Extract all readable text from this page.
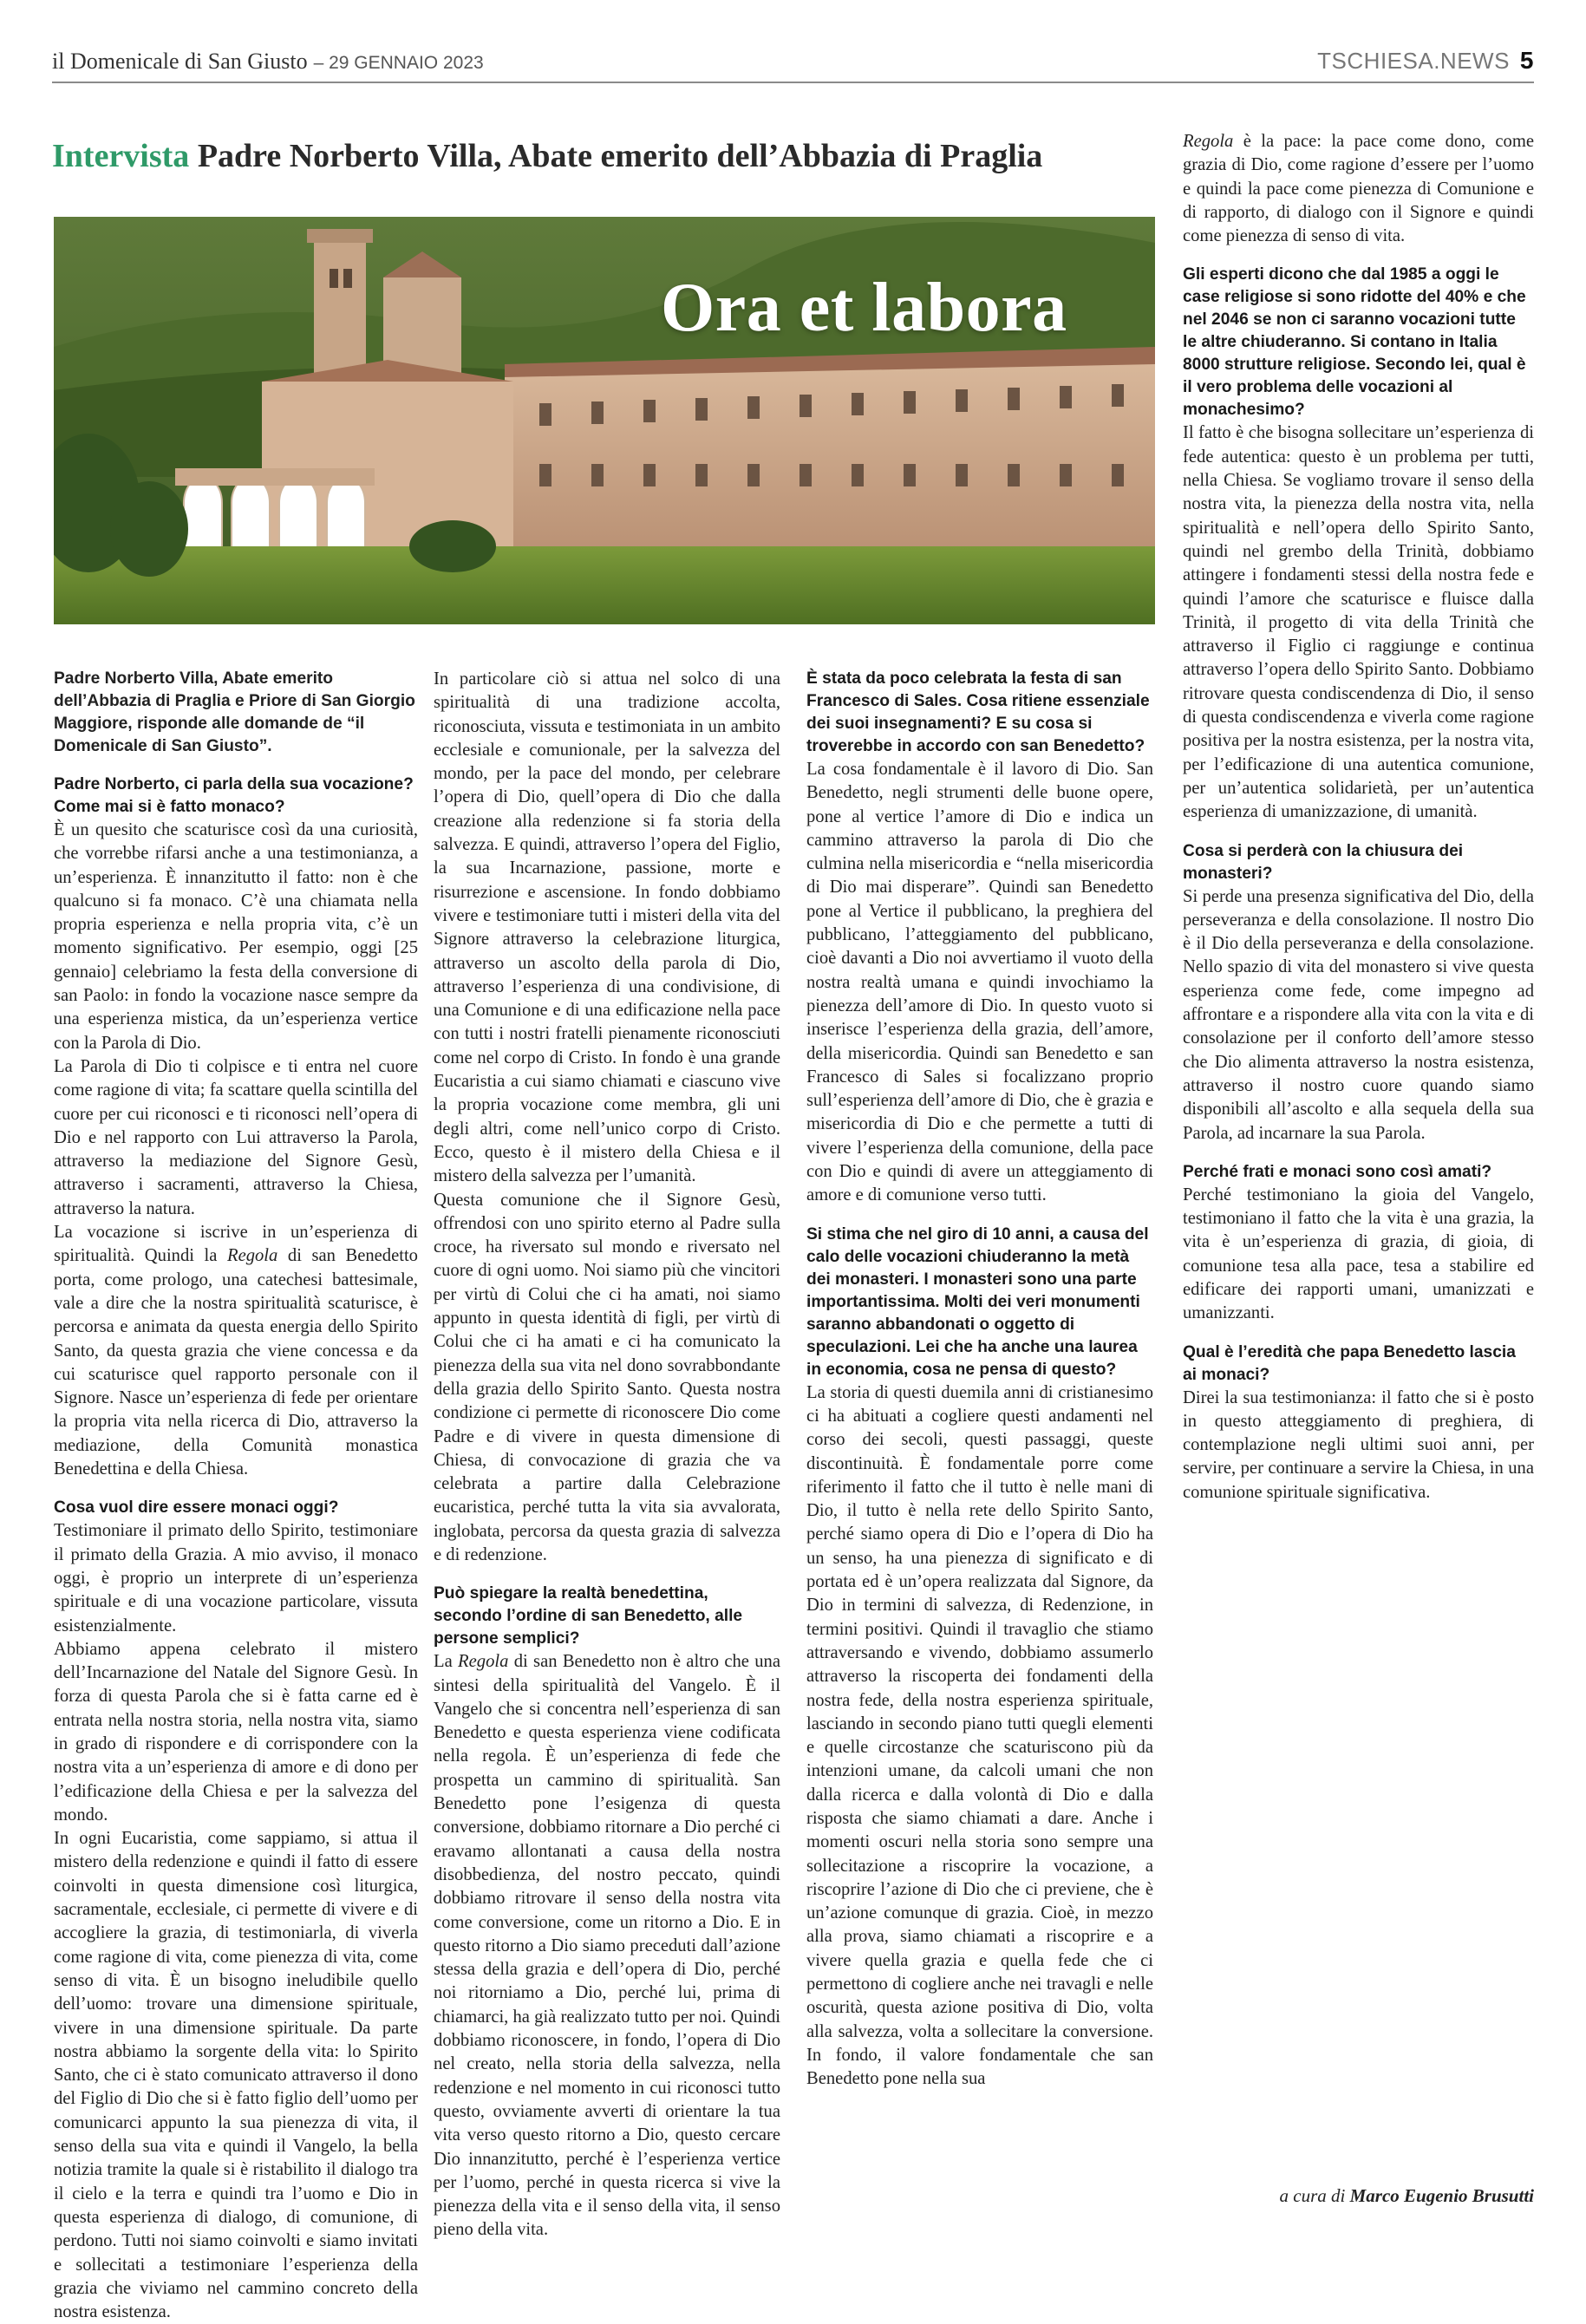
il Domenicale di San Giusto – 29 GENNAIO 2023	TSCHIESA.NEWS 5
Intervista Padre Norberto Villa, Abate emerito dell’Abbazia di Praglia
Ora et labora

Padre Norberto Villa, Abate emerito dell’Abbazia di Praglia e Priore di San Giorgio Maggiore, risponde alle domande de “il Domenicale di San Giusto”.

Padre Norberto, ci parla della sua vocazione? Come mai si è fatto monaco?

È un quesito che scaturisce così da una curiosità, che vorrebbe rifarsi anche a una testimonianza, a un’esperienza. È innanzitutto il fatto: non è che qualcuno si fa monaco. C’è una chiamata nella propria esperienza e nella propria vita, c’è un momento significativo. Per esempio, oggi [25 gennaio] celebriamo la festa della conversione di san Paolo: in fondo la vocazione nasce sempre da una esperienza mistica, da un’esperienza vertice con la Parola di Dio.

La Parola di Dio ti colpisce e ti entra nel cuore come ragione di vita; fa scattare quella scintilla del cuore per cui riconosci e ti riconosci nell’opera di Dio e nel rapporto con Lui attraverso la Parola, attraverso la mediazione del Signore Gesù, attraverso i sacramenti, attraverso la Chiesa, attraverso la natura.

La vocazione si iscrive in un’esperienza di spiritualità. Quindi la Regola di san Benedetto porta, come prologo, una catechesi battesimale, vale a dire che la nostra spiritualità scaturisce, è percorsa e animata da questa energia dello Spirito Santo, da questa grazia che viene concessa e da cui scaturisce quel rapporto personale con il Signore. Nasce un’esperienza di fede per orientare la propria vita nella ricerca di Dio, attraverso la mediazione, della Comunità monastica Benedettina e della Chiesa.

Cosa vuol dire essere monaci oggi?

Testimoniare il primato dello Spirito, testimoniare il primato della Grazia. A mio avviso, il monaco oggi, è proprio un interprete di un’esperienza spirituale e di una vocazione particolare, vissuta esistenzialmente.

Abbiamo appena celebrato il mistero dell’Incarnazione del Natale del Signore Gesù. In forza di questa Parola che si è fatta carne ed è entrata nella nostra storia, nella nostra vita, siamo in grado di rispondere e di corrispondere con la nostra vita a un’esperienza di amore e di dono per l’edificazione della Chiesa e per la salvezza del mondo.

In ogni Eucaristia, come sappiamo, si attua il mistero della redenzione e quindi il fatto di essere coinvolti in questa dimensione così liturgica, sacramentale, ecclesiale, ci permette di vivere e di accogliere la grazia, di testimoniarla, di viverla come ragione di vita, come pienezza di vita, come senso di vita. È un bisogno ineludibile quello dell’uomo: trovare una dimensione spirituale, vivere in una dimensione spirituale. Da parte nostra abbiamo la sorgente della vita: lo Spirito Santo, che ci è stato comunicato attraverso il dono del Figlio di Dio che si è fatto figlio dell’uomo per comunicarci appunto la sua pienezza di vita, il senso della sua vita e quindi il Vangelo, la bella notizia tramite la quale si è ristabilito il dialogo tra il cielo e la terra e quindi tra l’uomo e Dio in questa esperienza di dialogo, di comunione, di perdono. Tutti noi siamo coinvolti e siamo invitati e sollecitati a testimoniare l’esperienza della grazia che viviamo nel cammino concreto della nostra esistenza.

In particolare ciò si attua nel solco di una spiritualità di una tradizione accolta, riconosciuta, vissuta e testimoniata in un ambito ecclesiale e comunionale, per la salvezza del mondo, per la pace del mondo, per celebrare l’opera di Dio, quell’opera di Dio che dalla creazione alla redenzione si fa storia della salvezza. E quindi, attraverso l’opera del Figlio, la sua Incarnazione, passione, morte e risurrezione e ascensione. In fondo dobbiamo vivere e testimoniare tutti i misteri della vita del Signore attraverso la celebrazione liturgica, attraverso un ascolto della parola di Dio, attraverso l’esperienza di una condivisione, di una Comunione e di una edificazione nella pace con tutti i nostri fratelli pienamente riconosciuti come nel corpo di Cristo. In fondo è una grande Eucaristia a cui siamo chiamati e ciascuno vive la propria vocazione come membra, gli uni degli altri, come nell’unico corpo di Cristo. Ecco, questo è il mistero della Chiesa e il mistero della salvezza per l’umanità.

Questa comunione che il Signore Gesù, offrendosi con uno spirito eterno al Padre sulla croce, ha riversato sul mondo e riversato nel cuore di ogni uomo. Noi siamo più che vincitori per virtù di Colui che ci ha amati, noi siamo appunto in questa identità di figli, per virtù di Colui che ci ha amati e ci ha comunicato la pienezza della sua vita nel dono sovrabbondante della grazia dello Spirito Santo. Questa nostra condizione ci permette di riconoscere Dio come Padre e di vivere in questa dimensione di Chiesa, di convocazione di grazia che va celebrata a partire dalla Celebrazione eucaristica, perché tutta la vita sia avvalorata, inglobata, percorsa da questa grazia di salvezza e di redenzione.

Può spiegare la realtà benedettina, secondo l’ordine di san Benedetto, alle persone semplici?

La Regola di san Benedetto non è altro che una sintesi della spiritualità del Vangelo. È il Vangelo che si concentra nell’esperienza di san Benedetto e questa esperienza viene codificata nella regola. È un’esperienza di fede che prospetta un cammino di spiritualità. San Benedetto pone l’esigenza di questa conversione, dobbiamo ritornare a Dio perché ci eravamo allontanati a causa della nostra disobbedienza, del nostro peccato, quindi dobbiamo ritrovare il senso della nostra vita come conversione, come un ritorno a Dio. E in questo ritorno a Dio siamo preceduti dall’azione stessa della grazia e dell’opera di Dio, perché noi ritorniamo a Dio, perché lui, prima di chiamarci, ha già realizzato tutto per noi. Quindi dobbiamo riconoscere, in fondo, l’opera di Dio nel creato, nella storia della salvezza, nella redenzione e nel momento in cui riconosci tutto questo, ovviamente avverti di orientare la tua vita verso questo ritorno a Dio, questo cercare Dio innanzitutto, perché è l’esperienza vertice per l’uomo, perché in questa ricerca si vive la pienezza della vita e il senso della vita, il senso pieno della vita.

È stata da poco celebrata la festa di san Francesco di Sales. Cosa ritiene essenziale dei suoi insegnamenti? E su cosa si troverebbe in accordo con san Benedetto?

La cosa fondamentale è il lavoro di Dio. San Benedetto, negli strumenti delle buone opere, pone al vertice l’amore di Dio e indica un cammino attraverso la parola di Dio che culmina nella misericordia e “nella misericordia di Dio mai disperare”. Quindi san Benedetto pone al Vertice il pubblicano, la preghiera del pubblicano, l’atteggiamento del pubblicano, cioè davanti a Dio noi avvertiamo il vuoto della nostra realtà umana e quindi invochiamo la pienezza dell’amore di Dio. In questo vuoto si inserisce l’esperienza della grazia, dell’amore, della misericordia. Quindi san Benedetto e san Francesco di Sales si focalizzano proprio sull’esperienza dell’amore di Dio, che è grazia e misericordia di Dio e che permette a tutti di vivere l’esperienza della comunione, della pace con Dio e quindi di avere un atteggiamento di amore e di comunione verso tutti.

Si stima che nel giro di 10 anni, a causa del calo delle vocazioni chiuderanno la metà dei monasteri. I monasteri sono una parte importantissima. Molti dei veri monumenti saranno abbandonati o oggetto di speculazioni. Lei che ha anche una laurea in economia, cosa ne pensa di questo?

La storia di questi duemila anni di cristianesimo ci ha abituati a cogliere questi andamenti nel corso dei secoli, questi passaggi, queste discontinuità. È fondamentale porre come riferimento il fatto che il tutto è nelle mani di Dio, il tutto è nella rete dello Spirito Santo, perché siamo opera di Dio e l’opera di Dio ha un senso, ha una pienezza di significato e di portata ed è un’opera realizzata dal Signore, da Dio in termini di salvezza, di Redenzione, in termini positivi. Quindi il travaglio che stiamo attraversando e vivendo, dobbiamo assumerlo attraverso la riscoperta dei fondamenti della nostra fede, della nostra esperienza spirituale, lasciando in secondo piano tutti quegli elementi e quelle circostanze che scaturiscono più da intenzioni umane, da calcoli umani che non dalla ricerca e dalla volontà di Dio e dalla risposta che siamo chiamati a dare. Anche i momenti oscuri nella storia sono sempre una sollecitazione a riscoprire la vocazione, a riscoprire l’azione di Dio che ci previene, che è un’azione comunque di grazia. Cioè, in mezzo alla prova, siamo chiamati a riscoprire e a vivere quella grazia e quella fede che ci permettono di cogliere anche nei travagli e nelle oscurità, questa azione positiva di Dio, volta alla salvezza, volta a sollecitare la conversione. In fondo, il valore fondamentale che san Benedetto pone nella sua

Regola è la pace: la pace come dono, come grazia di Dio, come ragione d’essere per l’uomo e quindi la pace come pienezza di Comunione e di rapporto, di dialogo con il Signore e quindi come pienezza di senso di vita.

Gli esperti dicono che dal 1985 a oggi le case religiose si sono ridotte del 40% e che nel 2046 se non ci saranno vocazioni tutte le altre chiuderanno. Si contano in Italia 8000 strutture religiose. Secondo lei, qual è il vero problema delle vocazioni al monachesimo?

Il fatto è che bisogna sollecitare un’esperienza di fede autentica: questo è un problema per tutti, nella Chiesa. Se vogliamo trovare il senso della nostra vita, la pienezza della nostra vita, nella spiritualità e nell’opera dello Spirito Santo, quindi nel grembo della Trinità, dobbiamo attingere i fondamenti stessi della nostra fede e quindi l’amore che scaturisce e fluisce dalla Trinità, il progetto di vita della Trinità che attraverso il Figlio ci raggiunge e continua attraverso l’opera dello Spirito Santo. Dobbiamo ritrovare questa condiscendenza di Dio, il senso di questa condiscendenza e viverla come ragione positiva per la nostra esistenza, per la nostra vita, per l’edificazione di una autentica comunione, per un’autentica solidarietà, per un’autentica esperienza di umanizzazione, di umanità.

Cosa si perderà con la chiusura dei monasteri?

Si perde una presenza significativa del Dio, della perseveranza e della consolazione. Il nostro Dio è il Dio della perseveranza e della consolazione. Nello spazio di vita del monastero si vive questa esperienza come fede, come impegno ad affrontare e a rispondere alla vita con la vita e di consolazione per il conforto dell’amore stesso che Dio alimenta attraverso la nostra esistenza, attraverso il nostro cuore quando siamo disponibili all’ascolto e alla sequela della sua Parola, ad incarnare la sua Parola.

Perché frati e monaci sono così amati?

Perché testimoniano la gioia del Vangelo, testimoniano il fatto che la vita è una grazia, la vita è un’esperienza di grazia, di gioia, di comunione tesa alla pace, tesa a stabilire ed edificare dei rapporti umani, umanizzati e umanizzanti.

Qual è l’eredità che papa Benedetto lascia ai monaci?

Direi la sua testimonianza: il fatto che si è posto in questo atteggiamento di preghiera, di contemplazione negli ultimi suoi anni, per servire, per continuare a servire la Chiesa, in una comunione spirituale significativa.

a cura di Marco Eugenio Brusutti
